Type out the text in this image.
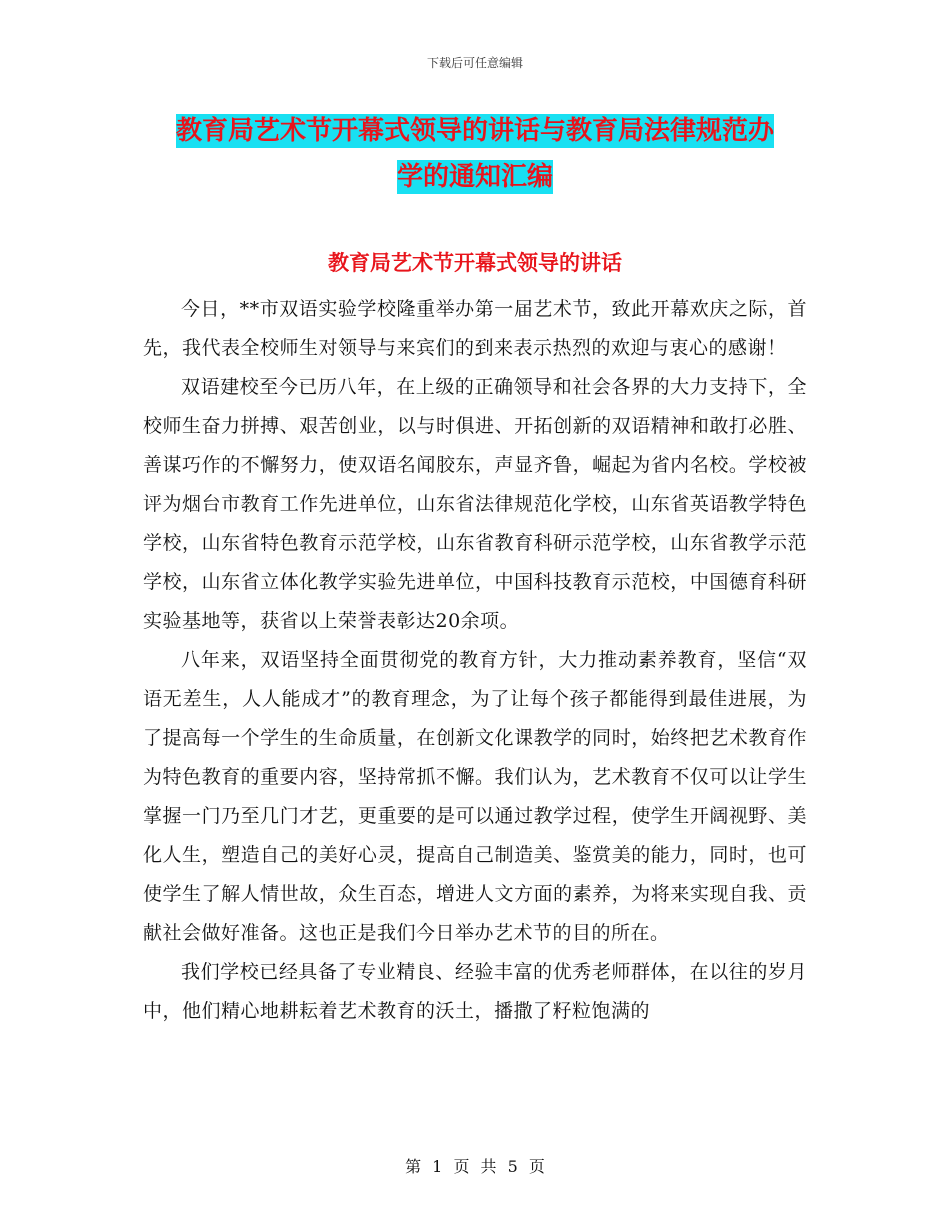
下载后可任意编辑
教育局艺术节开幕式领导的讲话与教育局法律规范办
学的通知汇编
教育局艺术节开幕式领导的讲话

今日，**市双语实验学校隆重举办第一届艺术节，致此开幕欢庆之际，首先，我代表全校师生对领导与来宾们的到来表示热烈的欢迎与衷心的感谢！

双语建校至今已历八年，在上级的正确领导和社会各界的大力支持下，全校师生奋力拼搏、艰苦创业，以与时俱进、开拓创新的双语精神和敢打必胜、善谋巧作的不懈努力，使双语名闻胶东，声显齐鲁，崛起为省内名校。学校被评为烟台市教育工作先进单位，山东省法律规范化学校，山东省英语教学特色学校，山东省特色教育示范学校，山东省教育科研示范学校，山东省教学示范学校，山东省立体化教学实验先进单位，中国科技教育示范校，中国德育科研实验基地等，获省以上荣誉表彰达20余项。

八年来，双语坚持全面贯彻党的教育方针，大力推动素养教育，坚信“双语无差生，人人能成才”的教育理念，为了让每个孩子都能得到最佳进展，为了提高每一个学生的生命质量，在创新文化课教学的同时，始终把艺术教育作为特色教育的重要内容，坚持常抓不懈。我们认为，艺术教育不仅可以让学生掌握一门乃至几门才艺，更重要的是可以通过教学过程，使学生开阔视野、美化人生，塑造自己的美好心灵，提高自己制造美、鉴赏美的能力，同时，也可使学生了解人情世故，众生百态，增进人文方面的素养，为将来实现自我、贡献社会做好准备。这也正是我们今日举办艺术节的目的所在。

我们学校已经具备了专业精良、经验丰富的优秀老师群体，在以往的岁月中，他们精心地耕耘着艺术教育的沃土，播撒了籽粒饱满的

第 1 页 共 5 页
